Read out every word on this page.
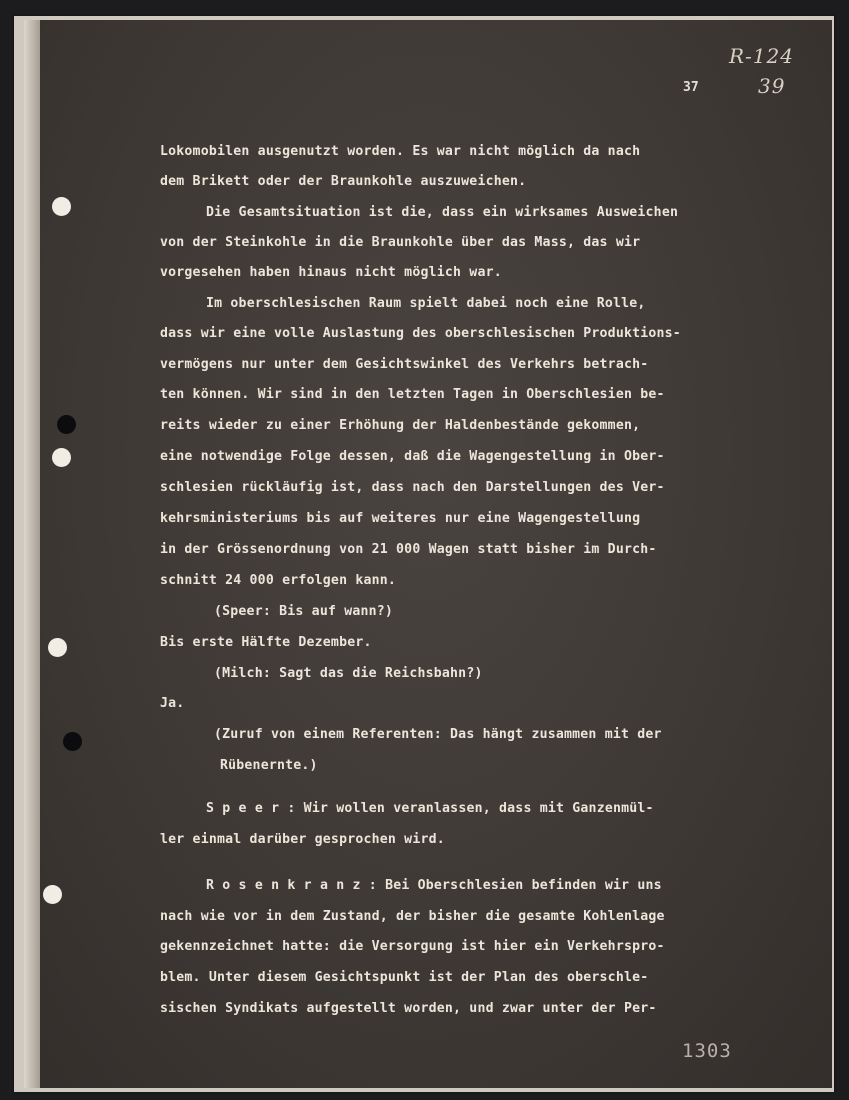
37
R-124
39
Lokomobilen ausgenutzt worden. Es war nicht möglich da nach
dem Brikett oder der Braunkohle auszuweichen.
Die Gesamtsituation ist die, dass ein wirksames Ausweichen
von der Steinkohle in die Braunkohle über das Mass, das wir
vorgesehen haben hinaus nicht möglich war.
Im oberschlesischen Raum spielt dabei noch eine Rolle,
dass wir eine volle Auslastung des oberschlesischen Produktions-
vermögens nur unter dem Gesichtswinkel des Verkehrs betrach-
ten können. Wir sind in den letzten Tagen in Oberschlesien be-
reits wieder zu einer Erhöhung der Haldenbestände gekommen,
eine notwendige Folge dessen, daß die Wagengestellung in Ober-
schlesien rückläufig ist, dass nach den Darstellungen des Ver-
kehrsministeriums bis auf weiteres nur eine Wagengestellung
in der Grössenordnung von 21 000 Wagen statt bisher im Durch-
schnitt 24 000 erfolgen kann.
(Speer: Bis auf wann?)
Bis erste Hälfte Dezember.
(Milch: Sagt das die Reichsbahn?)
Ja.
(Zuruf von einem Referenten: Das hängt zusammen mit der
Rübenernte.)
S p e e r : Wir wollen veranlassen, dass mit Ganzenmül-
ler einmal darüber gesprochen wird.
R o s e n k r a n z : Bei Oberschlesien befinden wir uns
nach wie vor in dem Zustand, der bisher die gesamte Kohlenlage
gekennzeichnet hatte: die Versorgung ist hier ein Verkehrspro-
blem. Unter diesem Gesichtspunkt ist der Plan des oberschle-
sischen Syndikats aufgestellt worden, und zwar unter der Per-
1303
